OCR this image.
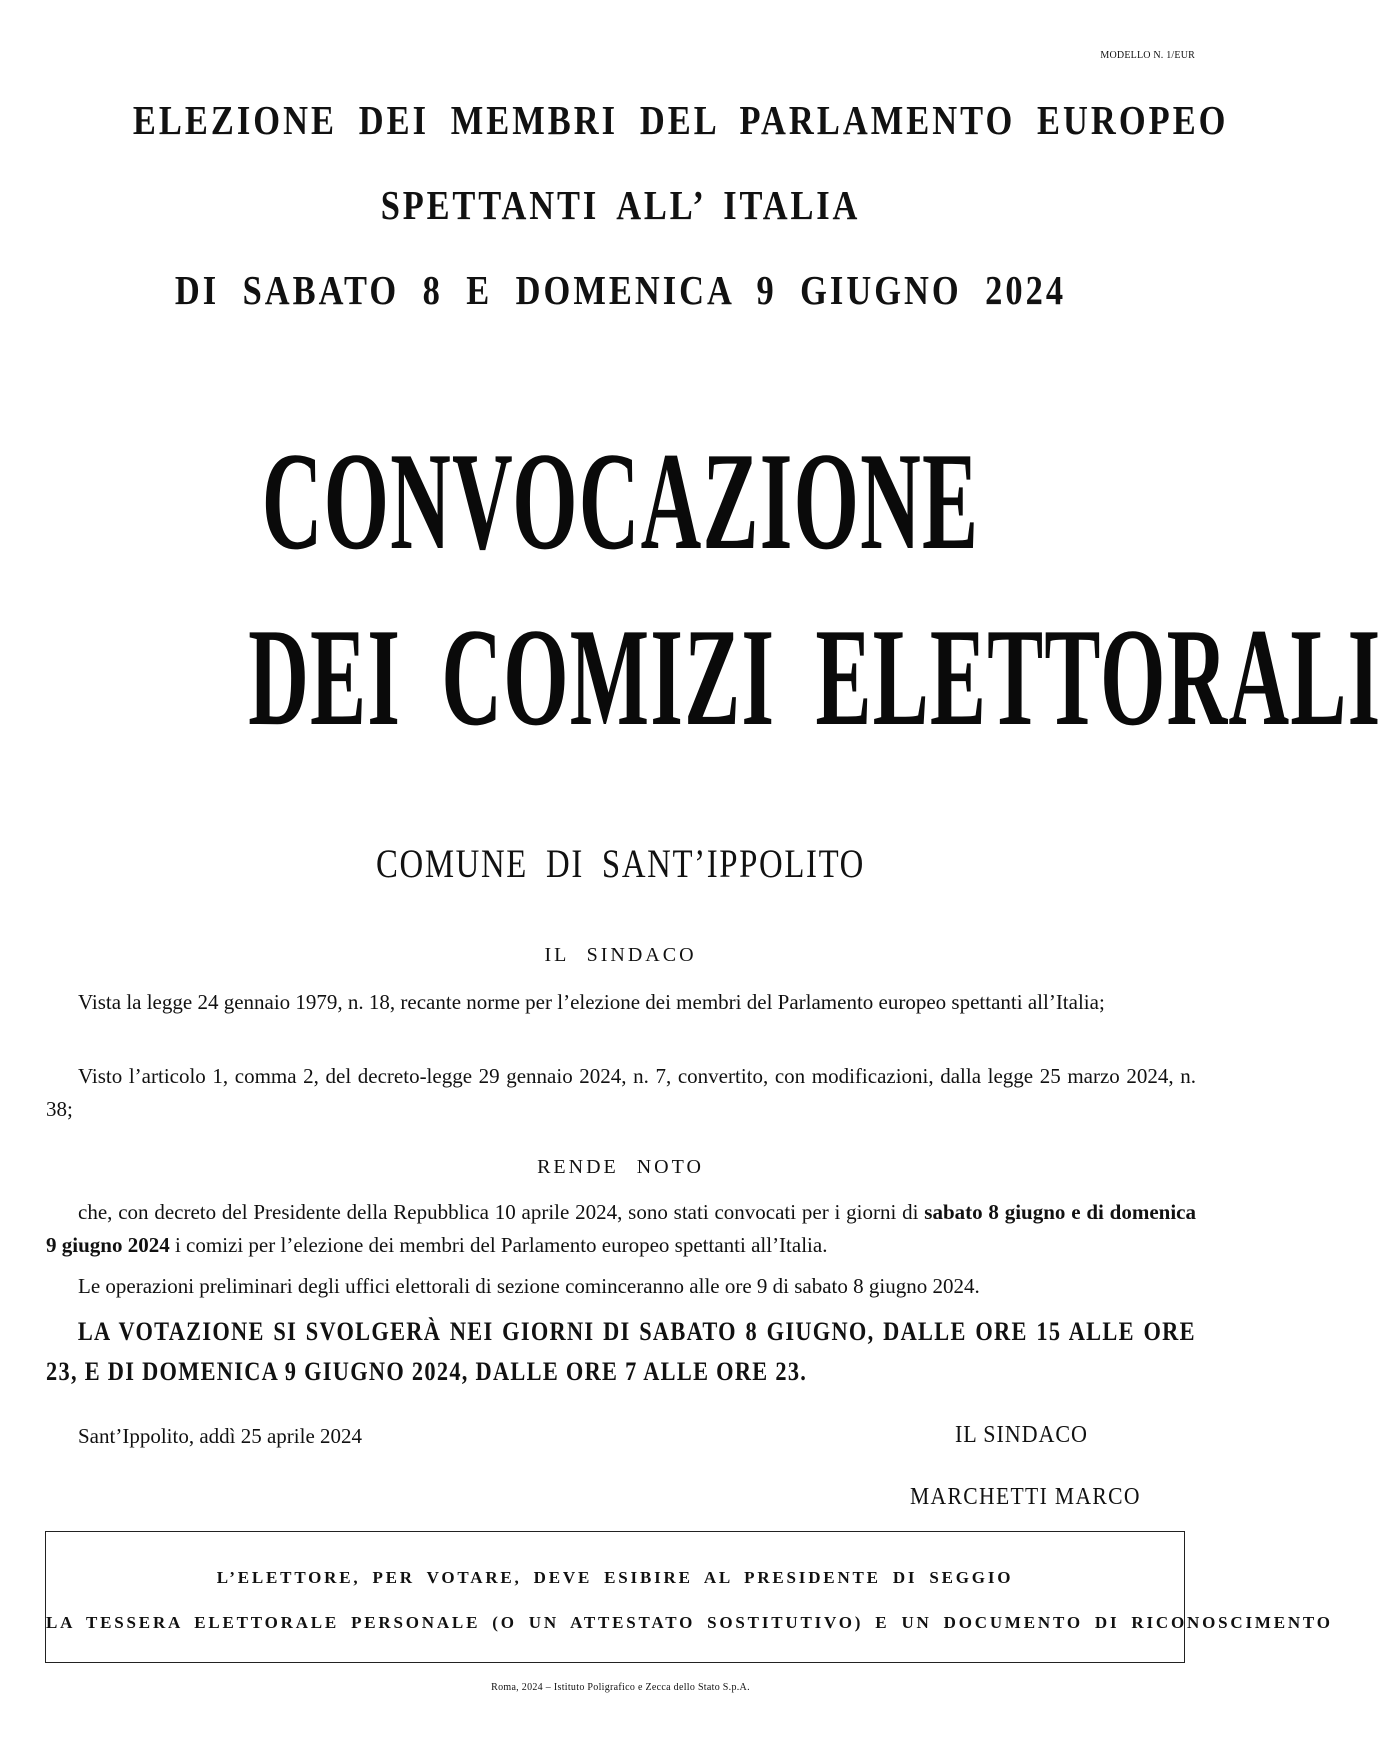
MODELLO N. 1/EUR
ELEZIONE DEI MEMBRI DEL PARLAMENTO EUROPEO
SPETTANTI ALL’ ITALIA
DI SABATO 8 E DOMENICA 9 GIUGNO 2024
CONVOCAZIONE
DEI COMIZI ELETTORALI
COMUNE DI SANT’IPPOLITO
IL SINDACO
Vista la legge 24 gennaio 1979, n. 18, recante norme per l’elezione dei membri del Parlamento europeo spettanti all’Italia;
Visto l’articolo 1, comma 2, del decreto-legge 29 gennaio 2024, n. 7, convertito, con modificazioni, dalla legge 25 marzo 2024, n. 38;
RENDE NOTO
che, con decreto del Presidente della Repubblica 10 aprile 2024, sono stati convocati per i giorni di sabato 8 giugno e di domenica 9 giugno 2024 i comizi per l’elezione dei membri del Parlamento europeo spettanti all’Italia.
Le operazioni preliminari degli uffici elettorali di sezione cominceranno alle ore 9 di sabato 8 giugno 2024.
LA VOTAZIONE SI SVOLGERÀ NEI GIORNI DI SABATO 8 GIUGNO, DALLE ORE 15 ALLE ORE 23, E DI DOMENICA 9 GIUGNO 2024, DALLE ORE 7 ALLE ORE 23.
Sant’Ippolito, addì 25 aprile 2024	IL SINDACO
MARCHETTI MARCO
L’ELETTORE, PER VOTARE, DEVE ESIBIRE AL PRESIDENTE DI SEGGIO
LA TESSERA ELETTORALE PERSONALE (O UN ATTESTATO SOSTITUTIVO) E UN DOCUMENTO DI RICONOSCIMENTO
Roma, 2024 – Istituto Poligrafico e Zecca dello Stato S.p.A.
